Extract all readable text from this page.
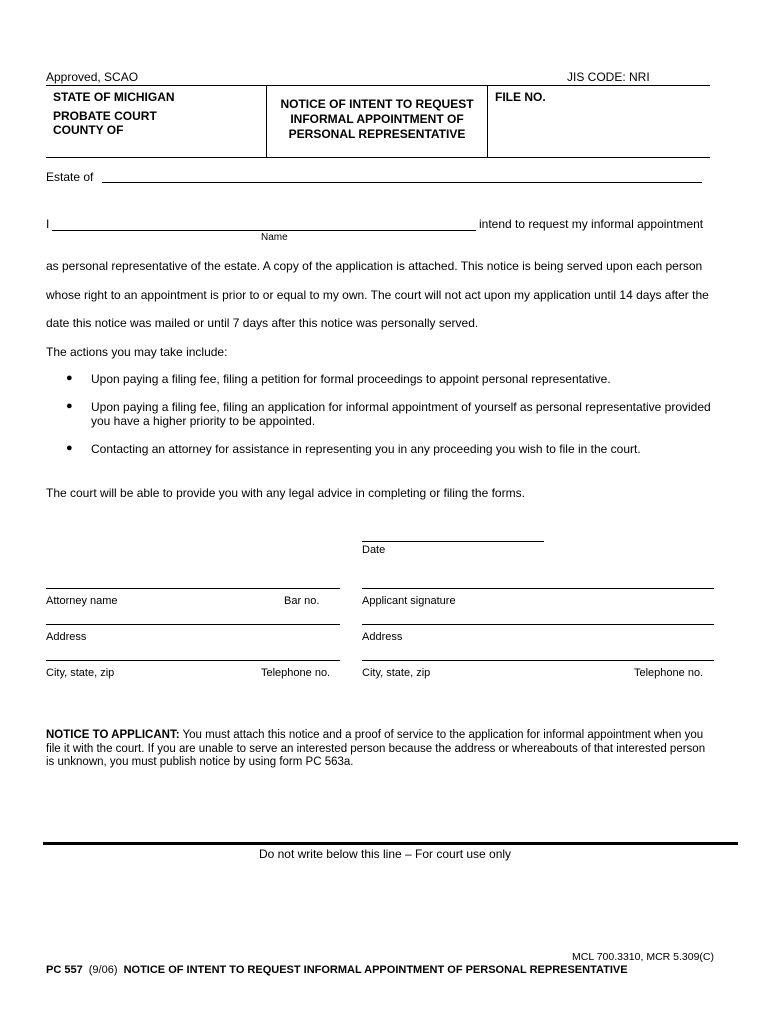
Approved, SCAO	JIS CODE: NRI
STATE OF MICHIGAN
PROBATE COURT
COUNTY OF
NOTICE OF INTENT TO REQUEST
INFORMAL APPOINTMENT OF
PERSONAL REPRESENTATIVE
FILE NO.
Estate of
I	intend to request my informal appointment
Name
as personal representative of the estate. A copy of the application is attached. This notice is being served upon each person
whose right to an appointment is prior to or equal to my own. The court will not act upon my application until 14 days after the
date this notice was mailed or until 7 days after this notice was personally served.
The actions you may take include:
● Upon paying a filing fee, filing a petition for formal proceedings to appoint personal representative.
● Upon paying a filing fee, filing an application for informal appointment of yourself as personal representative provided you have a higher priority to be appointed.
● Contacting an attorney for assistance in representing you in any proceeding you wish to file in the court.
The court will be able to provide you with any legal advice in completing or filing the forms.
Date
Attorney name	Bar no.
Address
City, state, zip	Telephone no.
Applicant signature
Address
City, state, zip	Telephone no.
NOTICE TO APPLICANT: You must attach this notice and a proof of service to the application for informal appointment when you file it with the court. If you are unable to serve an interested person because the address or whereabouts of that interested person is unknown, you must publish notice by using form PC 563a.
Do not write below this line – For court use only
MCL 700.3310, MCR 5.309(C)
PC 557 (9/06) NOTICE OF INTENT TO REQUEST INFORMAL APPOINTMENT OF PERSONAL REPRESENTATIVE
